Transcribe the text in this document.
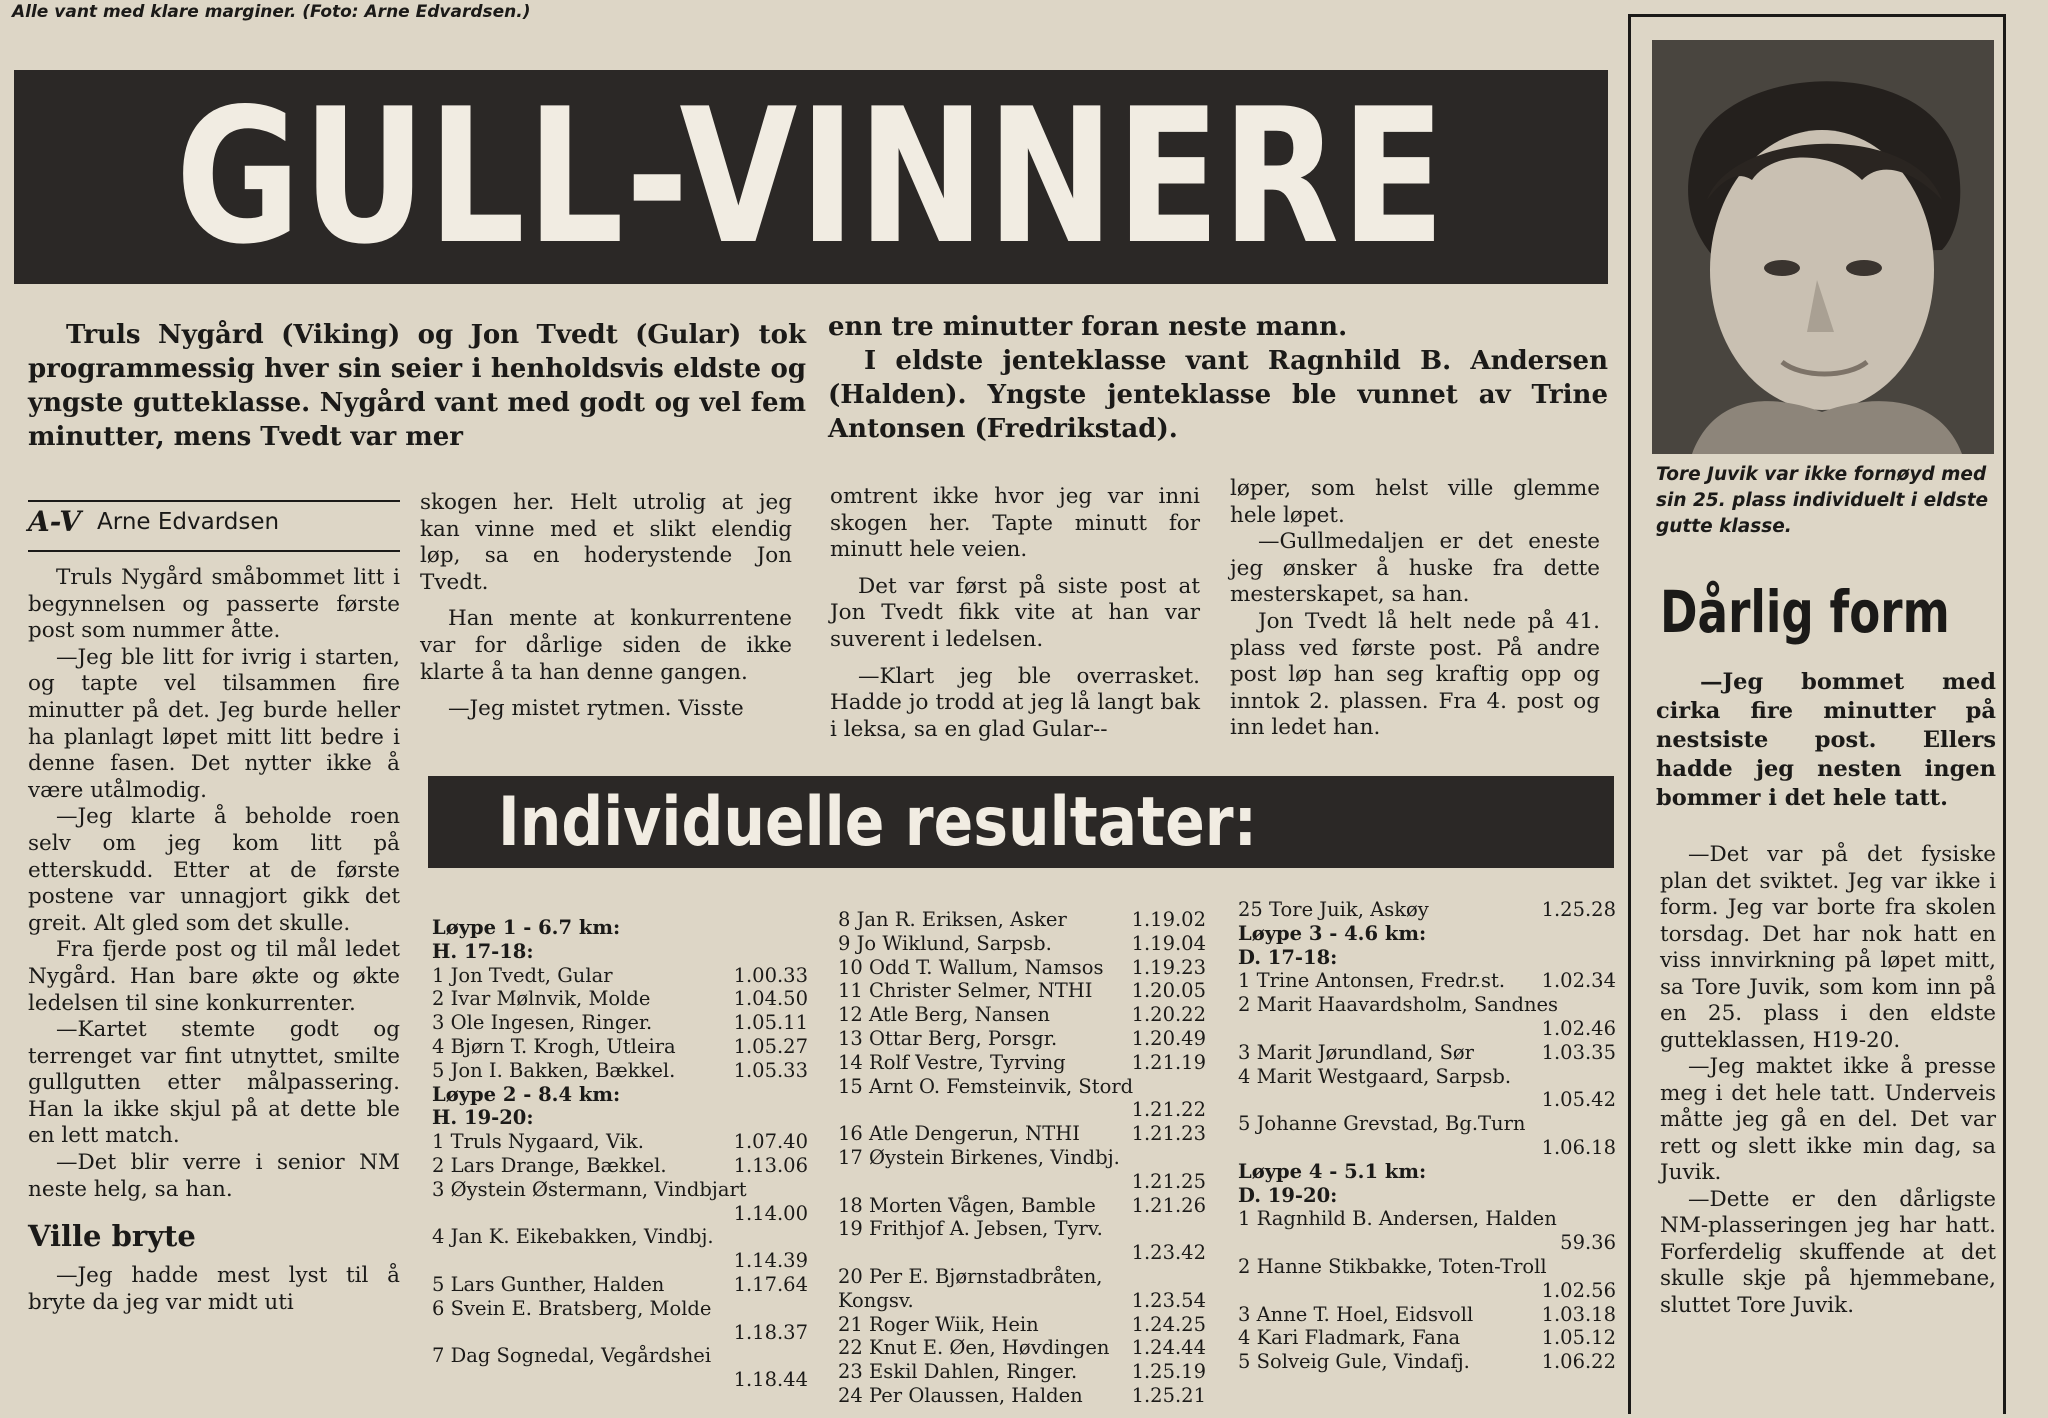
Alle vant med klare marginer. (Foto: Arne Edvardsen.)
GULL-VINNERE
Truls Nygård (Viking) og Jon Tvedt (Gular) tok programmessig hver sin seier i henholdsvis eldste og yngste gutteklasse. Nygård vant med godt og vel fem minutter, mens Tvedt var mer

enn tre minutter foran neste mann.

I eldste jenteklasse vant Ragnhild B. Andersen (Halden). Yngste jenteklasse ble vunnet av Trine Antonsen (Fredrikstad).

A-V Arne Edvardsen

Truls Nygård småbommet litt i begynnelsen og passerte første post som nummer åtte.

—Jeg ble litt for ivrig i starten, og tapte vel tilsammen fire minutter på det. Jeg burde heller ha planlagt løpet mitt litt bedre i denne fasen. Det nytter ikke å være utålmodig.

—Jeg klarte å beholde roen selv om jeg kom litt på etterskudd. Etter at de første postene var unnagjort gikk det greit. Alt gled som det skulle.

Fra fjerde post og til mål ledet Nygård. Han bare økte og økte ledelsen til sine konkurrenter.

—Kartet stemte godt og terrenget var fint utnyttet, smilte gullgutten etter målpassering. Han la ikke skjul på at dette ble en lett match.

—Det blir verre i senior NM neste helg, sa han.

Ville bryte

—Jeg hadde mest lyst til å bryte da jeg var midt uti

skogen her. Helt utrolig at jeg kan vinne med et slikt elendig løp, sa en hoderystende Jon Tvedt.

Han mente at konkurrentene var for dårlige siden de ikke klarte å ta han denne gangen.

—Jeg mistet rytmen. Visste

omtrent ikke hvor jeg var inni skogen her. Tapte minutt for minutt hele veien.

Det var først på siste post at Jon Tvedt fikk vite at han var suverent i ledelsen.

—Klart jeg ble overrasket. Hadde jo trodd at jeg lå langt bak i leksa, sa en glad Gular--

løper, som helst ville glemme hele løpet.

—Gullmedaljen er det eneste jeg ønsker å huske fra dette mesterskapet, sa han.

Jon Tvedt lå helt nede på 41. plass ved første post. På andre post løp han seg kraftig opp og inntok 2. plassen. Fra 4. post og inn ledet han.

Individuelle resultater:
Løype 1 - 6.7 km:
H. 17-18:
1 Jon Tvedt, Gular	1.00.33
2 Ivar Mølnvik, Molde	1.04.50
3 Ole Ingesen, Ringer.	1.05.11
4 Bjørn T. Krogh, Utleira	1.05.27
5 Jon I. Bakken, Bækkel.	1.05.33
Løype 2 - 8.4 km:
H. 19-20:
1 Truls Nygaard, Vik.	1.07.40
2 Lars Drange, Bækkel.	1.13.06
3 Øystein Østermann, Vindbjart
1.14.00
4 Jan K. Eikebakken, Vindbj.
1.14.39
5 Lars Gunther, Halden	1.17.64
6 Svein E. Bratsberg, Molde
1.18.37
7 Dag Sognedal, Vegårdshei
1.18.44
8 Jan R. Eriksen, Asker	1.19.02
9 Jo Wiklund, Sarpsb.	1.19.04
10 Odd T. Wallum, Namsos	1.19.23
11 Christer Selmer, NTHI	1.20.05
12 Atle Berg, Nansen	1.20.22
13 Ottar Berg, Porsgr.	1.20.49
14 Rolf Vestre, Tyrving	1.21.19
15 Arnt O. Femsteinvik, Stord
1.21.22
16 Atle Dengerun, NTHI	1.21.23
17 Øystein Birkenes, Vindbj.
1.21.25
18 Morten Vågen, Bamble	1.21.26
19 Frithjof A. Jebsen, Tyrv.
1.23.42
20 Per E. Bjørnstadbråten,
Kongsv.	1.23.54
21 Roger Wiik, Hein	1.24.25
22 Knut E. Øen, Høvdingen	1.24.44
23 Eskil Dahlen, Ringer.	1.25.19
24 Per Olaussen, Halden	1.25.21
25 Tore Juik, Askøy	1.25.28
Løype 3 - 4.6 km:
D. 17-18:
1 Trine Antonsen, Fredr.st.	1.02.34
2 Marit Haavardsholm, Sandnes
1.02.46
3 Marit Jørundland, Sør	1.03.35
4 Marit Westgaard, Sarpsb.
1.05.42
5 Johanne Grevstad, Bg.Turn
1.06.18
Løype 4 - 5.1 km:
D. 19-20:
1 Ragnhild B. Andersen, Halden
59.36
2 Hanne Stikbakke, Toten-Troll
1.02.56
3 Anne T. Hoel, Eidsvoll	1.03.18
4 Kari Fladmark, Fana	1.05.12
5 Solveig Gule, Vindafj.	1.06.22
Tore Juvik var ikke fornøyd med sin 25. plass individuelt i eldste gutte klasse.
Dårlig form

—Jeg bommet med cirka fire minutter på nestsiste post. Ellers hadde jeg nesten ingen bommer i det hele tatt.

—Det var på det fysiske plan det sviktet. Jeg var ikke i form. Jeg var borte fra skolen torsdag. Det har nok hatt en viss innvirkning på løpet mitt, sa Tore Juvik, som kom inn på en 25. plass i den eldste gutteklassen, H19-20.

—Jeg maktet ikke å presse meg i det hele tatt. Underveis måtte jeg gå en del. Det var rett og slett ikke min dag, sa Juvik.

—Dette er den dårligste NM-plasseringen jeg har hatt. Forferdelig skuffende at det skulle skje på hjemmebane, sluttet Tore Juvik.
